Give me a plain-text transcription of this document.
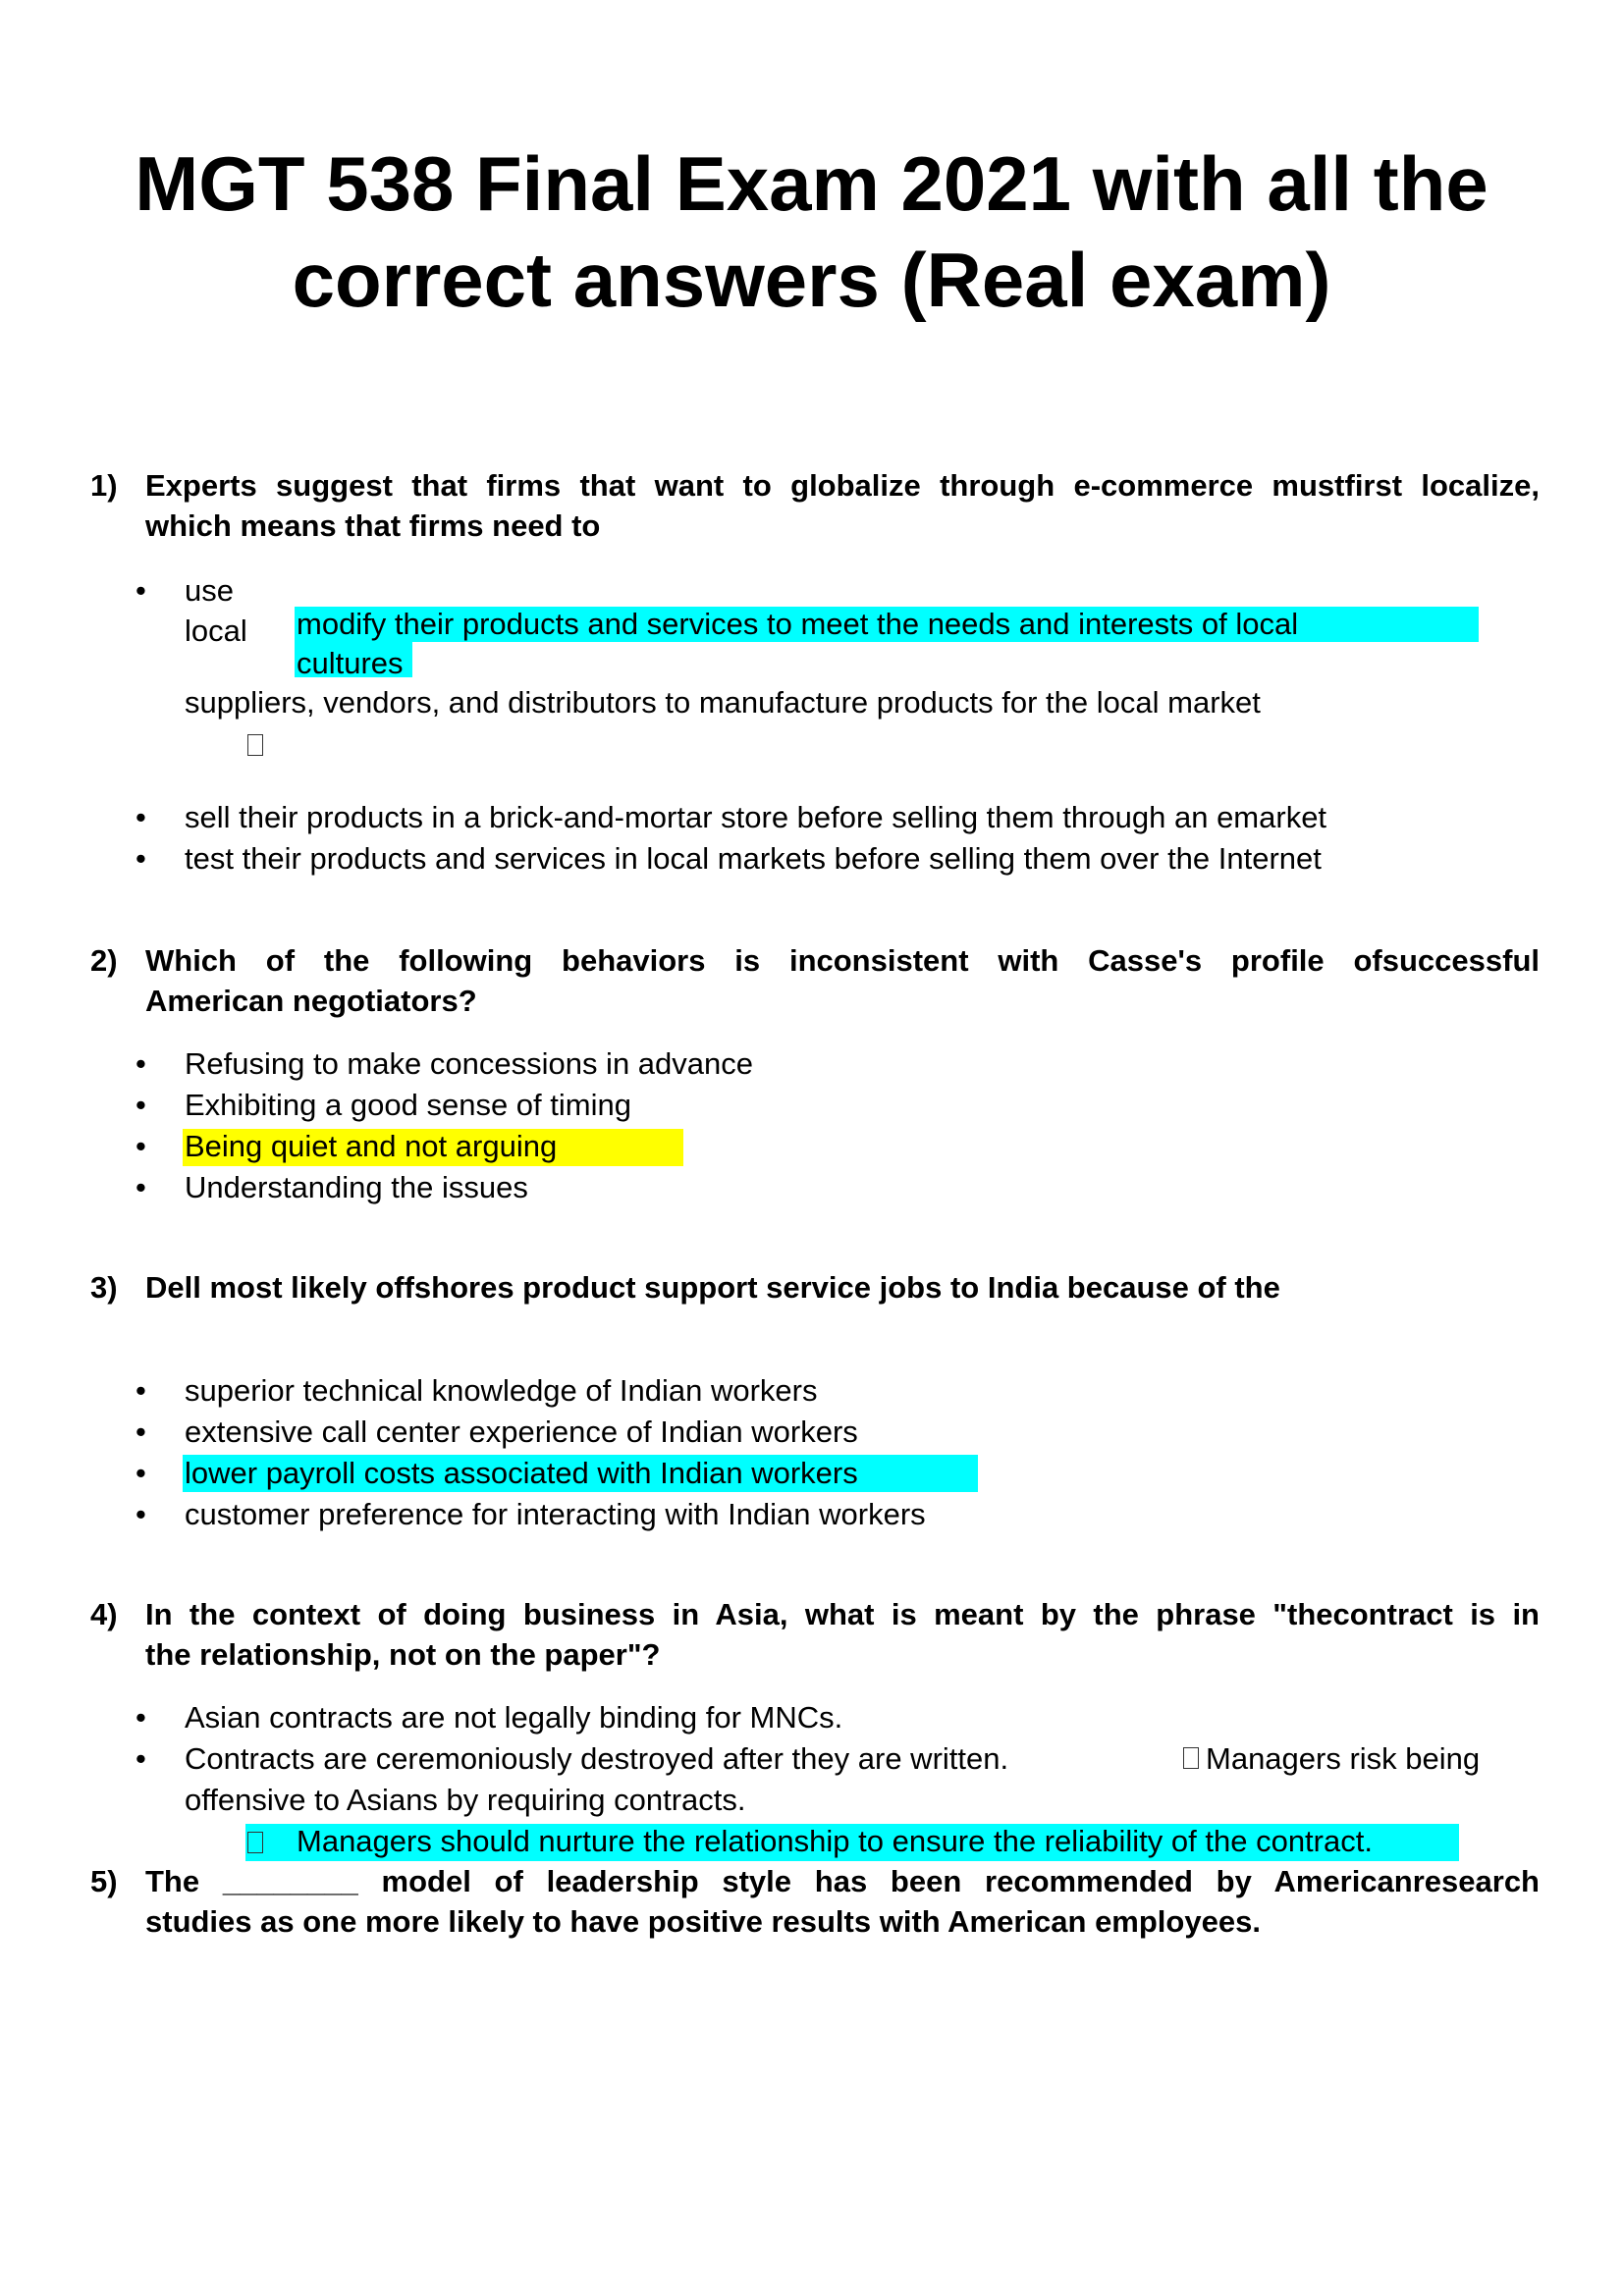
MGT 538 Final Exam 2021 with all the
correct answers (Real exam)
1) Experts suggest that firms that want to globalize through e-commerce mustfirst localize,
which means that firms need to
• use
local modify their products and services to meet the needs and interests of local
cultures
suppliers, vendors, and distributors to manufacture products for the local market
• sell their products in a brick-and-mortar store before selling them through an emarket
• test their products and services in local markets before selling them over the Internet
2) Which of the following behaviors is inconsistent with Casse's profile ofsuccessful
American negotiators?
• Refusing to make concessions in advance
• Exhibiting a good sense of timing
• Being quiet and not arguing
• Understanding the issues
3) Dell most likely offshores product support service jobs to India because of the
• superior technical knowledge of Indian workers
• extensive call center experience of Indian workers
• lower payroll costs associated with Indian workers
• customer preference for interacting with Indian workers
4) In the context of doing business in Asia, what is meant by the phrase "thecontract is in
the relationship, not on the paper"?
• Asian contracts are not legally binding for MNCs.
• Contracts are ceremoniously destroyed after they are written.	Managers risk being
offensive to Asians by requiring contracts.
Managers should nurture the relationship to ensure the reliability of the contract.
5) The ________ model of leadership style has been recommended by Americanresearch
studies as one more likely to have positive results with American employees.
